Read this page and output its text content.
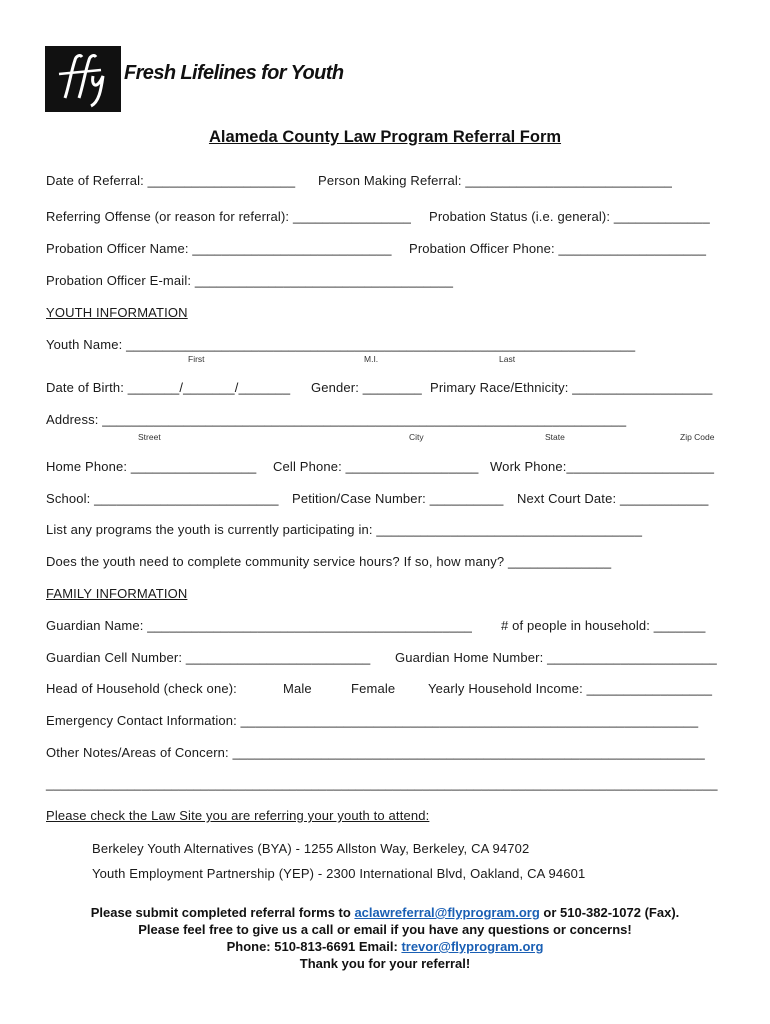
fly
Fresh Lifelines for Youth
Alameda County Law Program Referral Form
Date of Referral: ____________________ Person Making Referral: ____________________________
Referring Offense (or reason for referral): ________________ Probation Status (i.e. general): _____________
Probation Officer Name: ___________________________ Probation Officer Phone: ____________________
Probation Officer E-mail: ___________________________________
YOUTH INFORMATION
Youth Name: _____________________________________________________________________
First	M.I.	Last
Date of Birth: _______/_______/_______ Gender: ________ Primary Race/Ethnicity: ___________________
Address: _______________________________________________________________________
Street	City	State	Zip Code
Home Phone: _________________ Cell Phone: __________________ Work Phone:____________________
School: _________________________ Petition/Case Number: __________ Next Court Date: ____________
List any programs the youth is currently participating in: ____________________________________
Does the youth need to complete community service hours? If so, how many? ______________
FAMILY INFORMATION
Guardian Name: ____________________________________________ # of people in household: _______
Guardian Cell Number: _________________________ Guardian Home Number: _______________________
Head of Household (check one):	Male	Female	Yearly Household Income: _________________
Emergency Contact Information: ______________________________________________________________
Other Notes/Areas of Concern: ________________________________________________________________
___________________________________________________________________________________________
Please check the Law Site you are referring your youth to attend:
Berkeley Youth Alternatives (BYA) - 1255 Allston Way, Berkeley, CA 94702
Youth Employment Partnership (YEP) - 2300 International Blvd, Oakland, CA 94601
Please submit completed referral forms to aclawreferral@flyprogram.org or 510-382-1072 (Fax).
Please feel free to give us a call or email if you have any questions or concerns!
Phone: 510-813-6691 Email: trevor@flyprogram.org
Thank you for your referral!
